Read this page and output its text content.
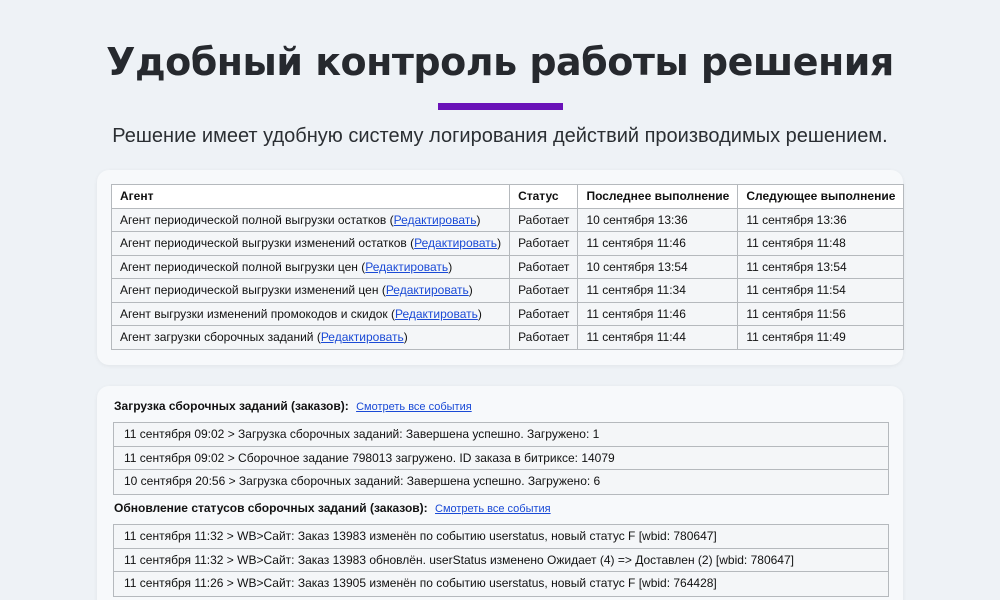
Удобный контроль работы решения

Решение имеет удобную систему логирования действий производимых решением.

Агент	Статус	Последнее выполнение	Следующее выполнение
Агент периодической полной выгрузки остатков (Редактировать)	Работает	10 сентября 13:36	11 сентября 13:36
Агент периодической выгрузки изменений остатков (Редактировать)	Работает	11 сентября 11:46	11 сентября 11:48
Агент периодической полной выгрузки цен (Редактировать)	Работает	10 сентября 13:54	11 сентября 13:54
Агент периодической выгрузки изменений цен (Редактировать)	Работает	11 сентября 11:34	11 сентября 11:54
Агент выгрузки изменений промокодов и скидок (Редактировать)	Работает	11 сентября 11:46	11 сентября 11:56
Агент загрузки сборочных заданий (Редактировать)	Работает	11 сентября 11:44	11 сентября 11:49
Загрузка сборочных заданий (заказов): Смотреть все события
11 сентября 09:02 > Загрузка сборочных заданий: Завершена успешно. Загружено: 1
11 сентября 09:02 > Сборочное задание 798013 загружено. ID заказа в битриксе: 14079
10 сентября 20:56 > Загрузка сборочных заданий: Завершена успешно. Загружено: 6
Обновление статусов сборочных заданий (заказов): Смотреть все события
11 сентября 11:32 > WB>Сайт: Заказ 13983 изменён по событию userstatus, новый статус F [wbid: 780647]
11 сентября 11:32 > WB>Сайт: Заказ 13983 обновлён. userStatus изменено Ожидает (4) => Доставлен (2) [wbid: 780647]
11 сентября 11:26 > WB>Сайт: Заказ 13905 изменён по событию userstatus, новый статус F [wbid: 764428]
